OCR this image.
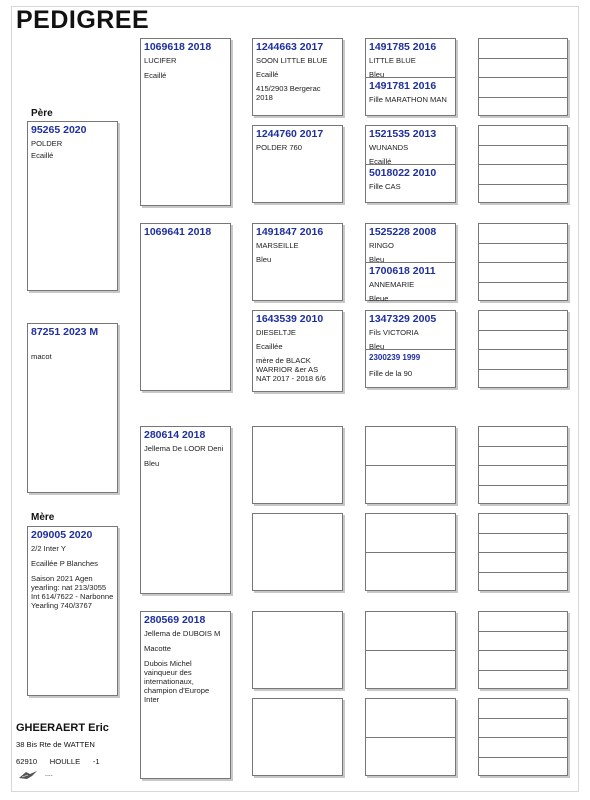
PEDIGREE
Père
95265 2020
POLDER
Ecaillé
87251 2023 M
macot
Mère
209005 2020
2/2 Inter Y
Ecaillée P Blanches
Saison 2021 Agen
yearling: nat 213/3055
Int 614/7622 - Narbonne
Yearling 740/3767
1069618 2018
LUCIFER
Ecaillé
1069641 2018
280614 2018
Jellema De LOOR Deni
Bleu
280569 2018
Jellema de DUBOIS M
Macotte
Dubois Michel
vainqueur des
internationaux,
champion d'Europe
Inter
1244663 2017
SOON LITTLE BLUE
Ecaillé
415/2903 Bergerac
2018
1244760 2017
POLDER 760
1491847 2016
MARSEILLE
Bleu
1643539 2010
DIESELTJE
Ecaillée
mère de BLACK
WARRIOR &er AS
NAT 2017 - 2018 6/6
1491785 2016
LITTLE BLUE
Bleu
1491781 2016
Fille MARATHON MAN
1521535 2013
WUNANDS
Ecaillé
5018022 2010
Fille CAS
1525228 2008
RINGO
Bleu
1700618 2011
ANNEMARIE
Bleue
1347329 2005
Fils VICTORIA
Bleu
2300239 1999
Fille de la 90
GHEERAERT Eric
38 Bis Rte de WATTEN
62910 HOULLE -1
....
